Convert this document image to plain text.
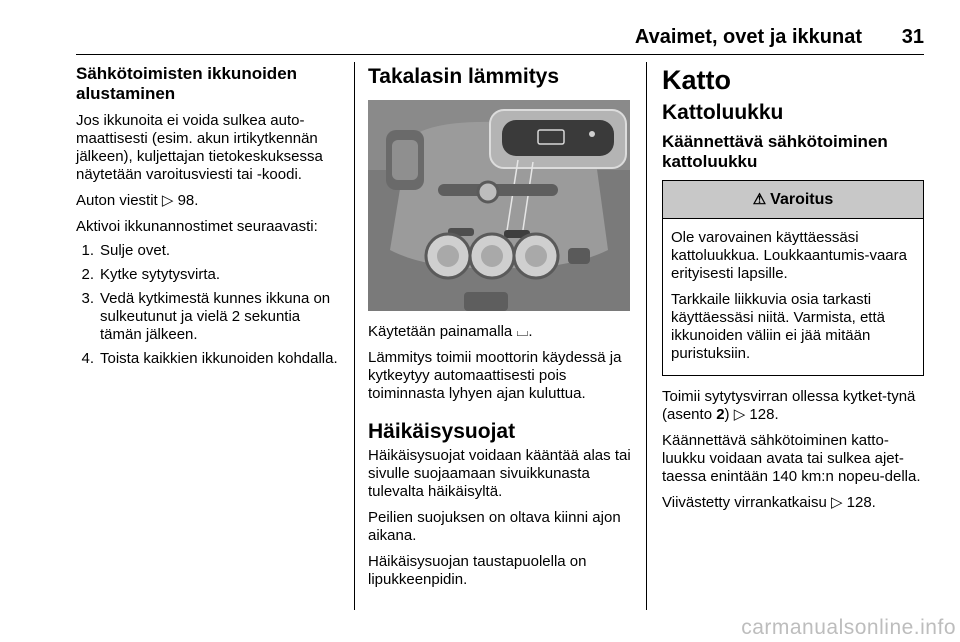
Avaimet, ovet ja ikkunat 31
Sähkötoimisten ikkunoiden alustaminen

Jos ikkunoita ei voida sulkea auto-maattisesti (esim. akun irtikytkennän jälkeen), kuljettajan tietokeskuksessa näytetään varoitusviesti tai -koodi.

Auton viestit ▷ 98.

Aktivoi ikkunannostimet seuraavasti:

1. Sulje ovet.
2. Kytke sytytysvirta.
3. Vedä kytkimestä kunnes ikkuna on sulkeutunut ja vielä 2 sekuntia tämän jälkeen.
4. Toista kaikkien ikkunoiden kohdalla.
Takalasin lämmitys

Käytetään painamalla ⌴.

Lämmitys toimii moottorin käydessä ja kytkeytyy automaattisesti pois toiminnasta lyhyen ajan kuluttua.

Häikäisysuojat

Häikäisysuojat voidaan kääntää alas tai sivulle suojaamaan sivuikkunasta tulevalta häikäisyltä.

Peilien suojuksen on oltava kiinni ajon aikana.

Häikäisysuojan taustapuolella on lipukkeenpidin.

Katto
Kattoluukku
Käännettävä sähkötoiminen kattoluukku
⚠ Varoitus

Ole varovainen käyttäessäsi kattoluukkua. Loukkaantumis-vaara erityisesti lapsille.

Tarkkaile liikkuvia osia tarkasti käyttäessäsi niitä. Varmista, että ikkunoiden väliin ei jää mitään puristuksiin.

Toimii sytytysvirran ollessa kytket-tynä (asento 2) ▷ 128.

Käännettävä sähkötoiminen katto-luukku voidaan avata tai sulkea ajet-taessa enintään 140 km:n nopeu-della.

Viivästetty virrankatkaisu ▷ 128.

carmanualsonline.info
